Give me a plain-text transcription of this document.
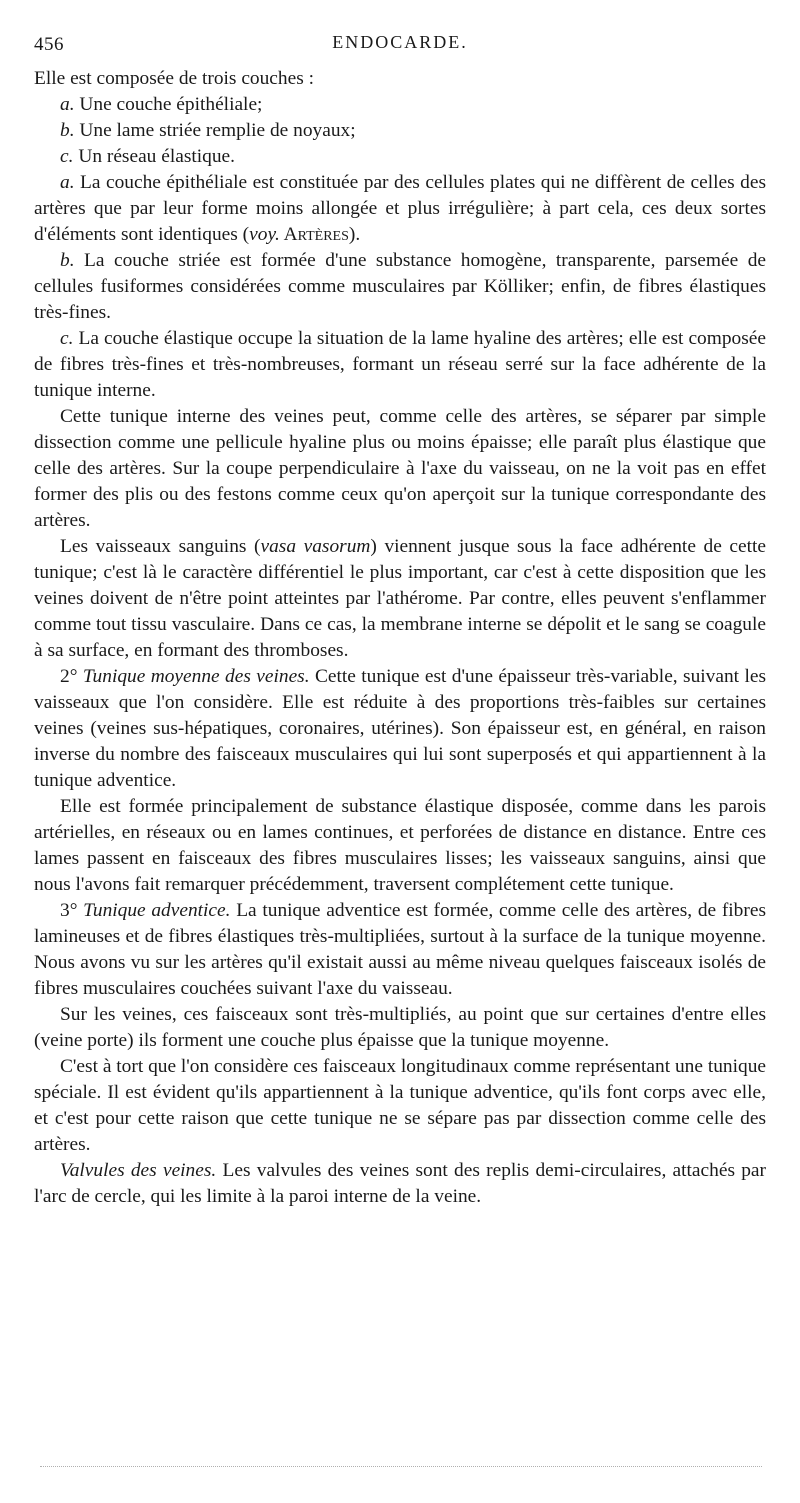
456	ENDOCARDE.

Elle est composée de trois couches :

a. Une couche épithéliale;

b. Une lame striée remplie de noyaux;

c. Un réseau élastique.

a. La couche épithéliale est constituée par des cellules plates qui ne diffèrent de celles des artères que par leur forme moins allongée et plus irrégulière; à part cela, ces deux sortes d'éléments sont identiques (voy. Artères).

b. La couche striée est formée d'une substance homogène, transparente, parsemée de cellules fusiformes considérées comme musculaires par Kölliker; enfin, de fibres élastiques très-fines.

c. La couche élastique occupe la situation de la lame hyaline des artères; elle est composée de fibres très-fines et très-nombreuses, formant un réseau serré sur la face adhérente de la tunique interne.

Cette tunique interne des veines peut, comme celle des artères, se séparer par simple dissection comme une pellicule hyaline plus ou moins épaisse; elle paraît plus élastique que celle des artères. Sur la coupe perpendiculaire à l'axe du vaisseau, on ne la voit pas en effet former des plis ou des festons comme ceux qu'on aperçoit sur la tunique correspondante des artères.

Les vaisseaux sanguins (vasa vasorum) viennent jusque sous la face adhérente de cette tunique; c'est là le caractère différentiel le plus important, car c'est à cette disposition que les veines doivent de n'être point atteintes par l'athérome. Par contre, elles peuvent s'enflammer comme tout tissu vasculaire. Dans ce cas, la membrane interne se dépolit et le sang se coagule à sa surface, en formant des thromboses.

2° Tunique moyenne des veines. Cette tunique est d'une épaisseur très-variable, suivant les vaisseaux que l'on considère. Elle est réduite à des proportions très-faibles sur certaines veines (veines sus-hépatiques, coronaires, utérines). Son épaisseur est, en général, en raison inverse du nombre des faisceaux musculaires qui lui sont superposés et qui appartiennent à la tunique adventice.

Elle est formée principalement de substance élastique disposée, comme dans les parois artérielles, en réseaux ou en lames continues, et perforées de distance en distance. Entre ces lames passent en faisceaux des fibres musculaires lisses; les vaisseaux sanguins, ainsi que nous l'avons fait remarquer précédemment, traversent complétement cette tunique.

3° Tunique adventice. La tunique adventice est formée, comme celle des artères, de fibres lamineuses et de fibres élastiques très-multipliées, surtout à la surface de la tunique moyenne. Nous avons vu sur les artères qu'il existait aussi au même niveau quelques faisceaux isolés de fibres musculaires couchées suivant l'axe du vaisseau.

Sur les veines, ces faisceaux sont très-multipliés, au point que sur certaines d'entre elles (veine porte) ils forment une couche plus épaisse que la tunique moyenne.

C'est à tort que l'on considère ces faisceaux longitudinaux comme représentant une tunique spéciale. Il est évident qu'ils appartiennent à la tunique adventice, qu'ils font corps avec elle, et c'est pour cette raison que cette tunique ne se sépare pas par dissection comme celle des artères.

Valvules des veines. Les valvules des veines sont des replis demi-circulaires, attachés par l'arc de cercle, qui les limite à la paroi interne de la veine.
